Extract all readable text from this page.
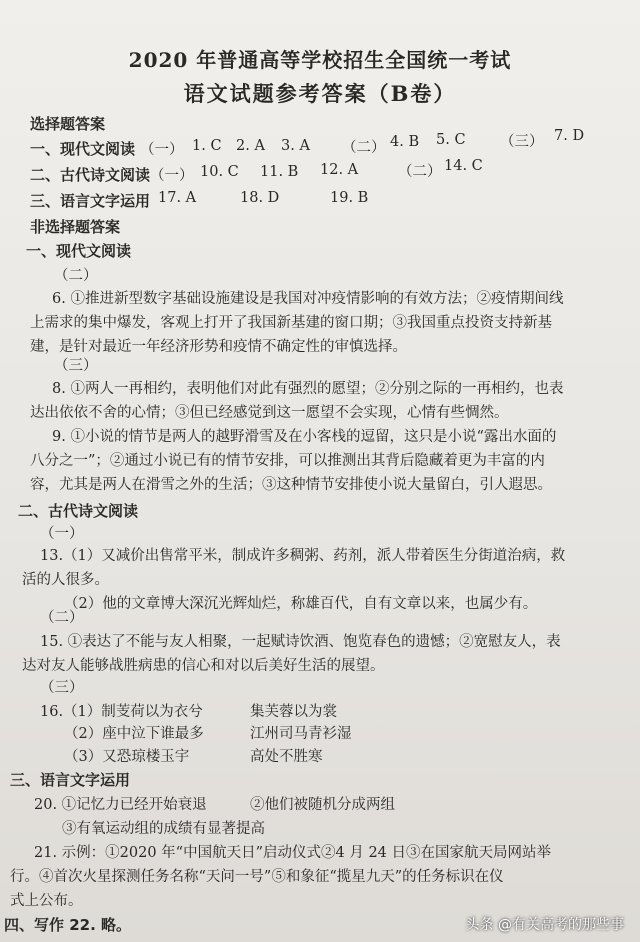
2020 年普通高等学校招生全国统一考试
语文试题参考答案（B卷）
选择题答案
一、现代文阅读 （一） 1. C 2. A 3. A （二） 4. B 5. C （三） 7. D
二、古代诗文阅读 （一） 10. C 11. B 12. A	（二） 14. C
三、语言文字运用 17. A	18. D	19. B
非选择题答案
一、现代文阅读
（二）
6. ①推进新型数字基础设施建设是我国对冲疫情影响的有效方法；②疫情期间线
上需求的集中爆发，客观上打开了我国新基建的窗口期；③我国重点投资支持新基
建，是针对最近一年经济形势和疫情不确定性的审慎选择。
（三）
8. ①两人一再相约，表明他们对此有强烈的愿望；②分别之际的一再相约，也表
达出依依不舍的心情；③但已经感觉到这一愿望不会实现，心情有些惆然。
9. ①小说的情节是两人的越野滑雪及在小客栈的逗留，这只是小说“露出水面的
八分之一”；②通过小说已有的情节安排，可以推测出其背后隐藏着更为丰富的内
容，尤其是两人在滑雪之外的生活；③这种情节安排使小说大量留白，引人遐思。
二、古代诗文阅读
（一）
13.（1）又减价出售常平米，制成许多稠粥、药剂，派人带着医生分街道治病，救
活的人很多。
（2）他的文章博大深沉光辉灿烂，称雄百代，自有文章以来，也属少有。
（二）
15. ①表达了不能与友人相聚，一起赋诗饮酒、饱览春色的遗憾；②宽慰友人，表
达对友人能够战胜病患的信心和对以后美好生活的展望。
（三）
16.（1）制芰荷以为衣兮	集芙蓉以为裳
（2）座中泣下谁最多	江州司马青衫湿
（3）又恐琼楼玉宇	高处不胜寒
三、语言文字运用
20. ①记忆力已经开始衰退	②他们被随机分成两组
③有氧运动组的成绩有显著提高
21. 示例：①2020 年“中国航天日”启动仪式②4 月 24 日③在国家航天局网站举
行。④首次火星探测任务名称“天问一号”⑤和象征“揽星九天”的任务标识在仪
式上公布。
四、写作 22. 略。	头条 @有关高考的那些事
